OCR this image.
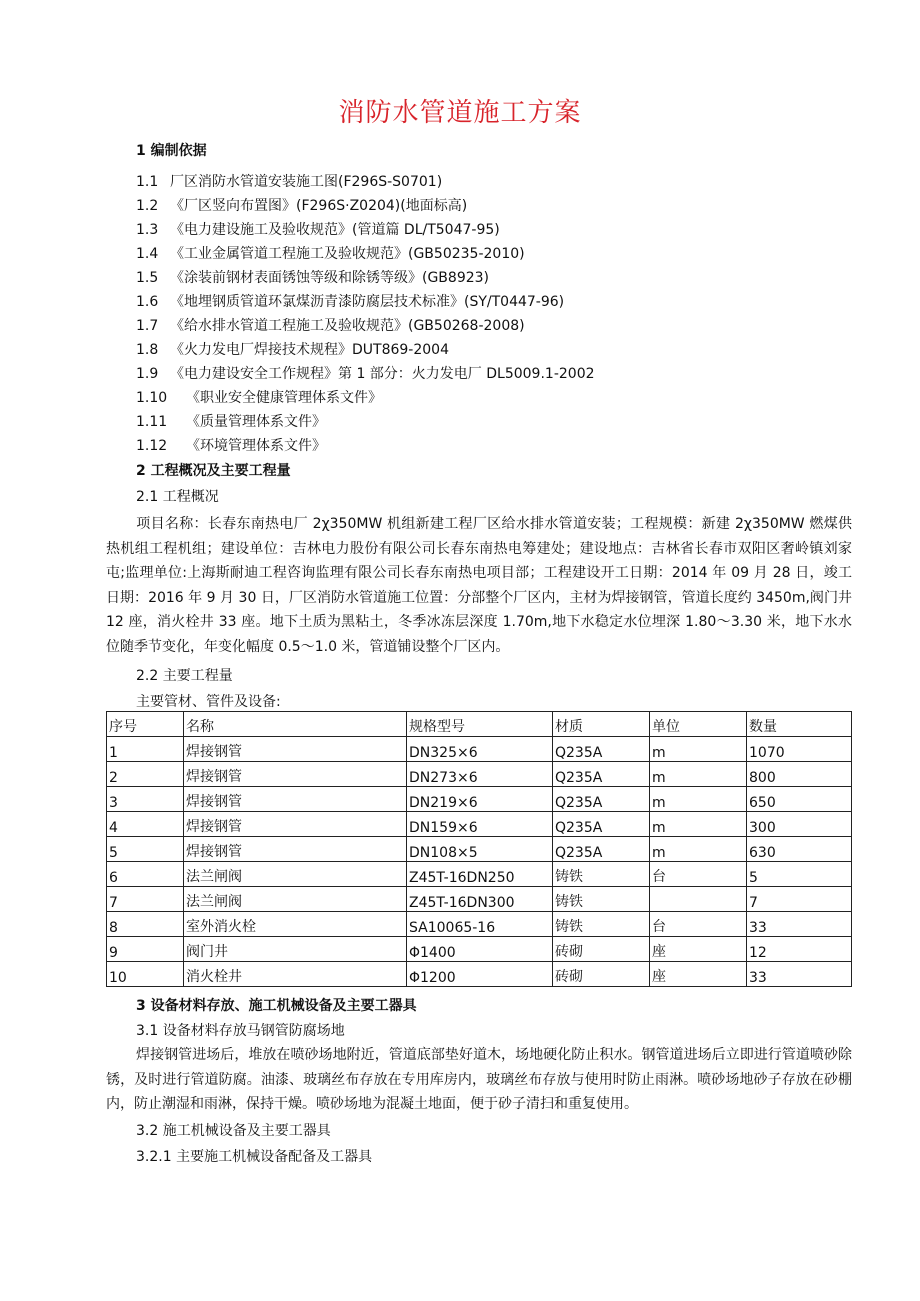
消防水管道施工方案
1 编制依据
1.1 厂区消防水管道安装施工图(F296S-S0701)
1.2 《厂区竖向布置图》(F296S·Z0204)(地面标高)
1.3 《电力建设施工及验收规范》(管道篇 DL/T5047-95)
1.4 《工业金属管道工程施工及验收规范》(GB50235-2010)
1.5 《涂装前钢材表面锈蚀等级和除锈等级》(GB8923)
1.6 《地埋钢质管道环氯煤沥青漆防腐层技术标准》(SY/T0447-96)
1.7 《给水排水管道工程施工及验收规范》(GB50268-2008)
1.8 《火力发电厂焊接技术规程》DUT869-2004
1.9 《电力建设安全工作规程》第 1 部分：火力发电厂 DL5009.1-2002
1.10 《职业安全健康管理体系文件》
1.11 《质量管理体系文件》
1.12 《环境管理体系文件》
2 工程概况及主要工程量
2.1 工程概况
项目名称：长春东南热电厂 2χ350MW 机组新建工程厂区给水排水管道安装；工程规模：新建 2χ350MW 燃煤供热机组工程机组；建设单位：吉林电力股份有限公司长春东南热电筹建处；建设地点：吉林省长春市双阳区奢岭镇刘家屯;监理单位:上海斯耐迪工程咨询监理有限公司长春东南热电项目部；工程建设开工日期：2014 年 09 月 28 日，竣工日期：2016 年 9 月 30 日，厂区消防水管道施工位置：分部整个厂区内，主材为焊接钢管，管道长度约 3450m,阀门井 12 座，消火栓井 33 座。地下土质为黑粘土，冬季冰冻层深度 1.70m,地下水稳定水位埋深 1.80～3.30 米，地下水水位随季节变化，年变化幅度 0.5～1.0 米，管道铺设整个厂区内。
2.2 主要工程量
主要管材、管件及设备:
序号	名称	规格型号	材质	单位	数量
1	焊接钢管	DN325×6	Q235A	m	1070
2	焊接钢管	DN273×6	Q235A	m	800
3	焊接钢管	DN219×6	Q235A	m	650
4	焊接钢管	DN159×6	Q235A	m	300
5	焊接钢管	DN108×5	Q235A	m	630
6	法兰闸阀	Z45T-16DN250	铸铁	台	5
7	法兰闸阀	Z45T-16DN300	铸铁		7
8	室外消火栓	SA10065-16	铸铁	台	33
9	阀门井	Φ1400	砖砌	座	12
10	消火栓井	Φ1200	砖砌	座	33
3 设备材料存放、施工机械设备及主要工器具
3.1 设备材料存放马钢管防腐场地
焊接钢管进场后，堆放在喷砂场地附近，管道底部垫好道木，场地硬化防止积水。钢管道进场后立即进行管道喷砂除锈，及时进行管道防腐。油漆、玻璃丝布存放在专用库房内，玻璃丝布存放与使用时防止雨淋。喷砂场地砂子存放在砂棚内，防止潮湿和雨淋，保持干燥。喷砂场地为混凝土地面，便于砂子清扫和重复使用。
3.2 施工机械设备及主要工器具
3.2.1 主要施工机械设备配备及工器具
